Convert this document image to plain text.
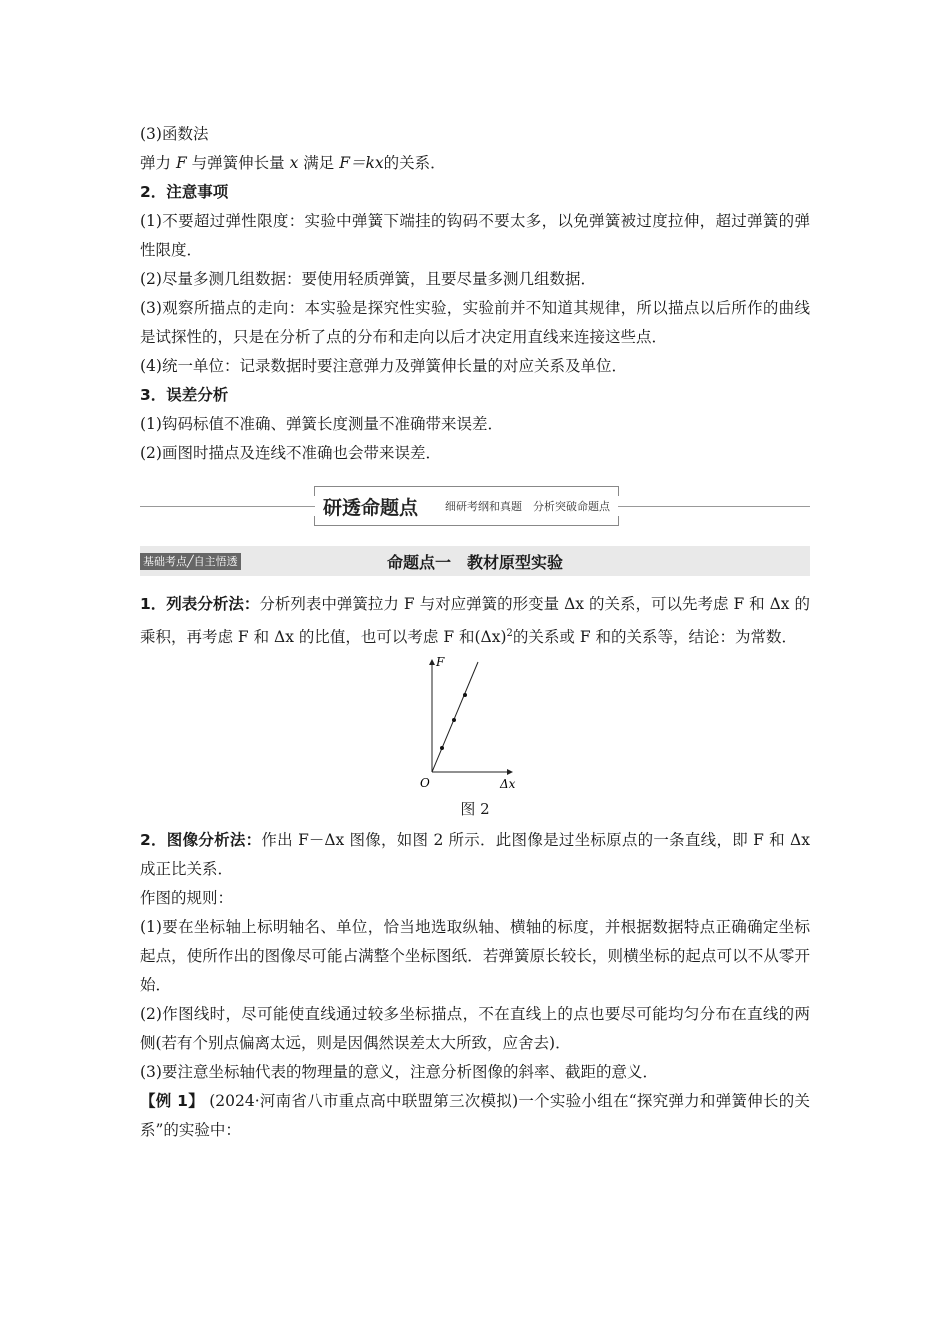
(3)函数法
弹力 F 与弹簧伸长量 x 满足 F＝kx的关系．
2．注意事项
(1)不要超过弹性限度：实验中弹簧下端挂的钩码不要太多，以免弹簧被过度拉伸，超过弹簧的弹性限度．
(2)尽量多测几组数据：要使用轻质弹簧，且要尽量多测几组数据．
(3)观察所描点的走向：本实验是探究性实验，实验前并不知道其规律，所以描点以后所作的曲线是试探性的，只是在分析了点的分布和走向以后才决定用直线来连接这些点．
(4)统一单位：记录数据时要注意弹力及弹簧伸长量的对应关系及单位．
3．误差分析
(1)钩码标值不准确、弹簧长度测量不准确带来误差．
(2)画图时描点及连线不准确也会带来误差．
研透命题点 细研考纲和真题　分析突破命题点
基础考点╱自主悟透	命题点一　教材原型实验
1．列表分析法：分析列表中弹簧拉力 F 与对应弹簧的形变量 Δx 的关系，可以先考虑 F 和 Δx 的乘积，再考虑 F 和 Δx 的比值，也可以考虑 F 和$(\Delta x)^2$的关系或 F 和的关系等，结论：为常数．
F
Δx
O
图 2
2．图像分析法：作出 F－Δx 图像，如图 2 所示．此图像是过坐标原点的一条直线，即 F 和 Δx 成正比关系．
作图的规则：
(1)要在坐标轴上标明轴名、单位，恰当地选取纵轴、横轴的标度，并根据数据特点正确确定坐标起点，使所作出的图像尽可能占满整个坐标图纸．若弹簧原长较长，则横坐标的起点可以不从零开始．
(2)作图线时，尽可能使直线通过较多坐标描点，不在直线上的点也要尽可能均匀分布在直线的两侧(若有个别点偏离太远，则是因偶然误差太大所致，应舍去)．
(3)要注意坐标轴代表的物理量的意义，注意分析图像的斜率、截距的意义．
【例 1】 (2024·河南省八市重点高中联盟第三次模拟)一个实验小组在“探究弹力和弹簧伸长的关系”的实验中：
